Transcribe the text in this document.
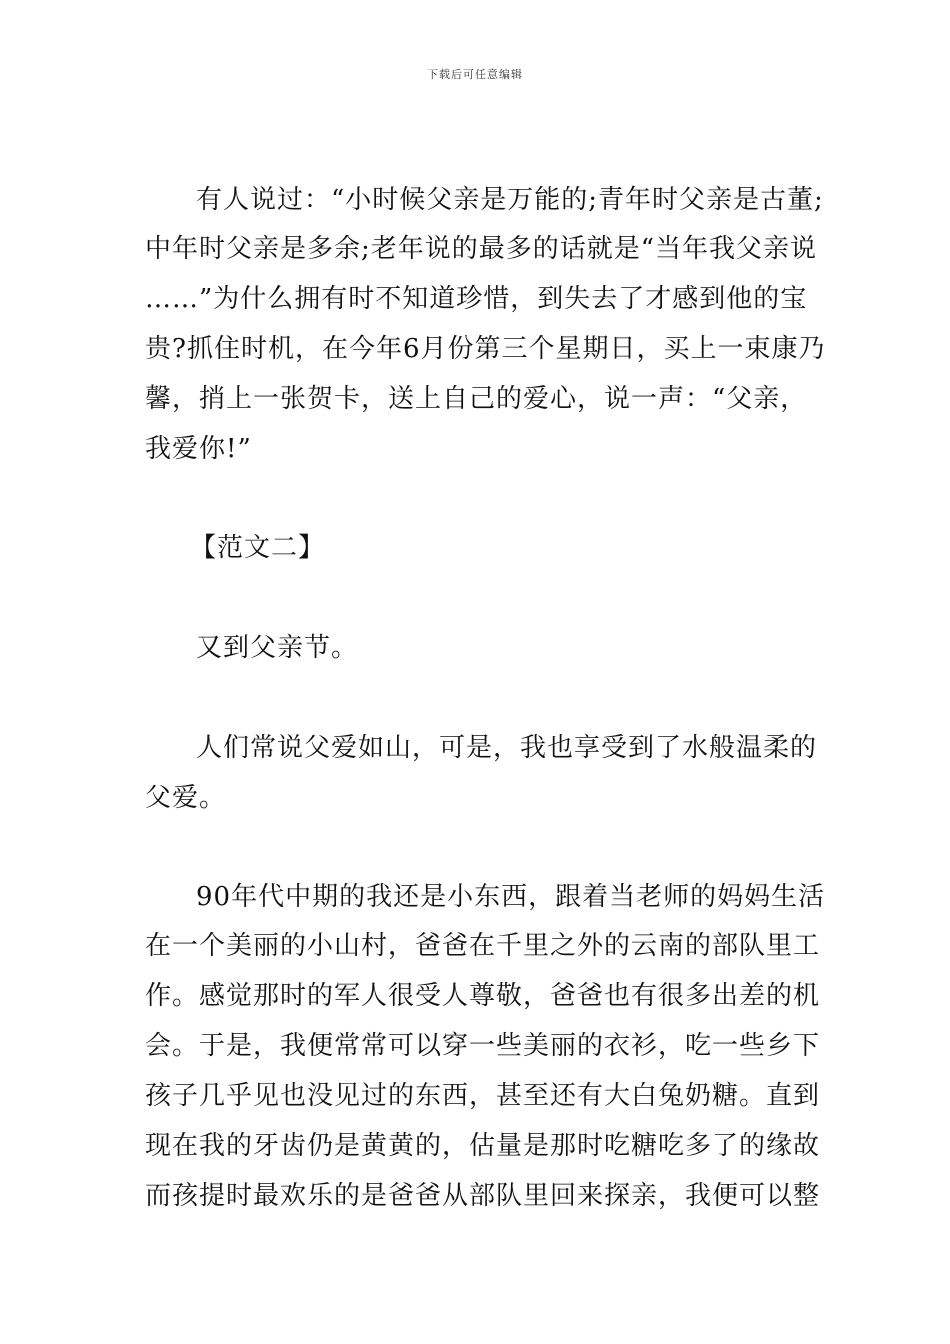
下载后可任意编辑
有人说过：“小时候父亲是万能的;青年时父亲是古董;
中年时父亲是多余;老年说的最多的话就是“当年我父亲说
……”为什么拥有时不知道珍惜，到失去了才感到他的宝
贵?抓住时机，在今年6月份第三个星期日，买上一束康乃
馨，捎上一张贺卡，送上自己的爱心，说一声：“父亲，
我爱你!”
【范文二】
又到父亲节。
人们常说父爱如山，可是，我也享受到了水般温柔的
父爱。
90年代中期的我还是小东西，跟着当老师的妈妈生活
在一个美丽的小山村，爸爸在千里之外的云南的部队里工
作。感觉那时的军人很受人尊敬，爸爸也有很多出差的机
会。于是，我便常常可以穿一些美丽的衣衫，吃一些乡下
孩子几乎见也没见过的东西，甚至还有大白兔奶糖。直到
现在我的牙齿仍是黄黄的，估量是那时吃糖吃多了的缘故
而孩提时最欢乐的是爸爸从部队里回来探亲，我便可以整
